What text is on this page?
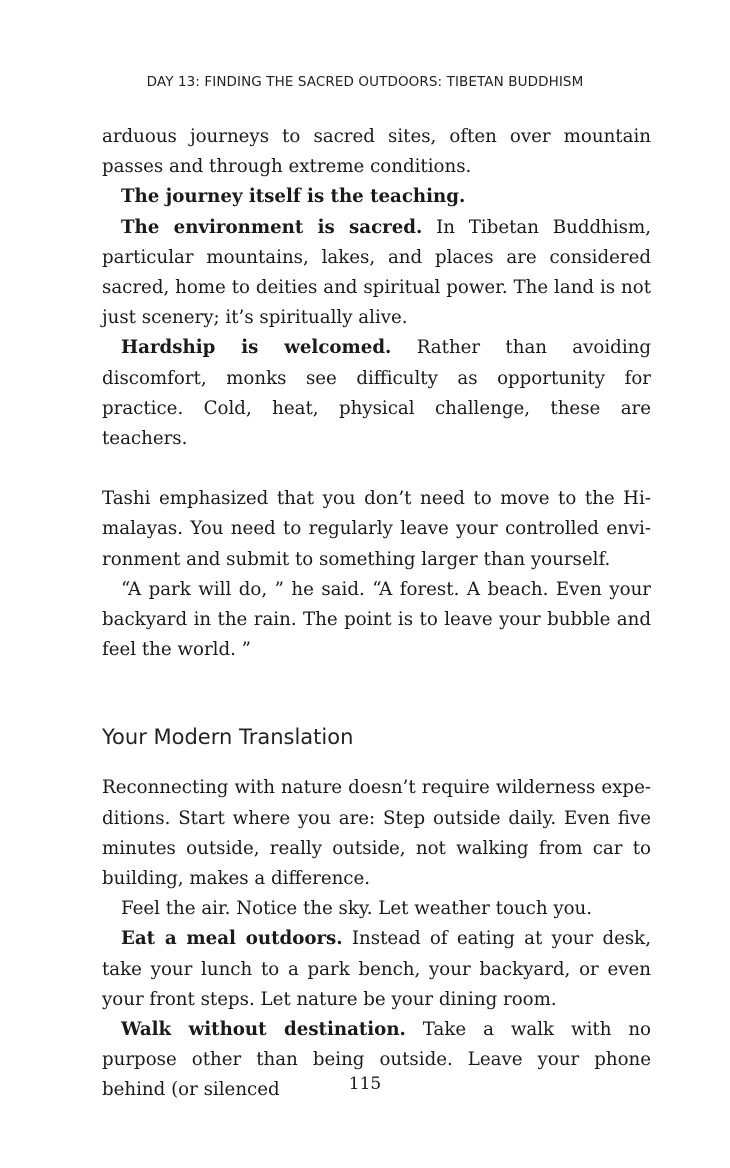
DAY 13: FINDING THE SACRED OUTDOORS: TIBETAN BUDDHISM

arduous journeys to sacred sites, often over mountain passes and through extreme conditions.

The journey itself is the teaching.

The environment is sacred. In Tibetan Buddhism, particular mountains, lakes, and places are considered sacred, home to deities and spiritual power. The land is not just scenery; it’s spiritually alive.

Hardship is welcomed. Rather than avoiding discomfort, monks see difficulty as opportunity for practice. Cold, heat, physical challenge, these are teachers.

Tashi emphasized that you don’t need to move to the Himalayas. You need to regularly leave your controlled environment and submit to something larger than yourself.

“A park will do, ” he said. “A forest. A beach. Even your backyard in the rain. The point is to leave your bubble and feel the world. ”

Your Modern Translation

Reconnecting with nature doesn’t require wilderness expeditions. Start where you are: Step outside daily. Even five minutes outside, really outside, not walking from car to building, makes a difference.

Feel the air. Notice the sky. Let weather touch you.

Eat a meal outdoors. Instead of eating at your desk, take your lunch to a park bench, your backyard, or even your front steps. Let nature be your dining room.

Walk without destination. Take a walk with no purpose other than being outside. Leave your phone behind (or silenced	115
